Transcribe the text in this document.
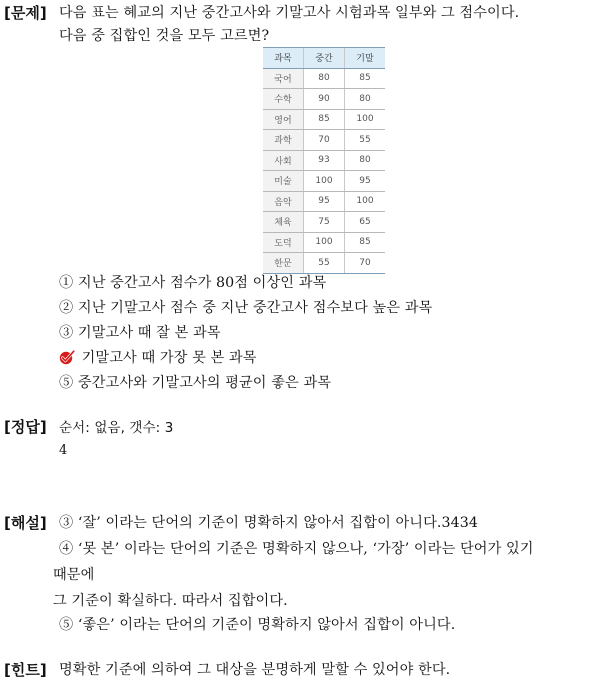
[문제] 다음 표는 혜교의 지난 중간고사와 기말고사 시험과목 일부와 그 점수이다.
다음 중 집합인 것을 모두 고르면?
과목	중간	기말
국어	80	85
수학	90	80
영어	85	100
과학	70	55
사회	93	80
미술	100	95
음악	95	100
체육	75	65
도덕	100	85
한문	55	70
① 지난 중간고사 점수가 80점 이상인 과목
② 지난 기말고사 점수 중 지난 중간고사 점수보다 높은 과목
③ 기말고사 때 잘 본 과목
기말고사 때 가장 못 본 과목
⑤ 중간고사와 기말고사의 평균이 좋은 과목
[정답] 순서: 없음, 갯수: 3
4
[해설] ③ ‘잘’ 이라는 단어의 기준이 명확하지 않아서 집합이 아니다.3434
④ ‘못 본’ 이라는 단어의 기준은 명확하지 않으나, ‘가장’ 이라는 단어가 있기
때문에
그 기준이 확실하다. 따라서 집합이다.
⑤ ‘좋은’ 이라는 단어의 기준이 명확하지 않아서 집합이 아니다.
[힌트] 명확한 기준에 의하여 그 대상을 분명하게 말할 수 있어야 한다.
